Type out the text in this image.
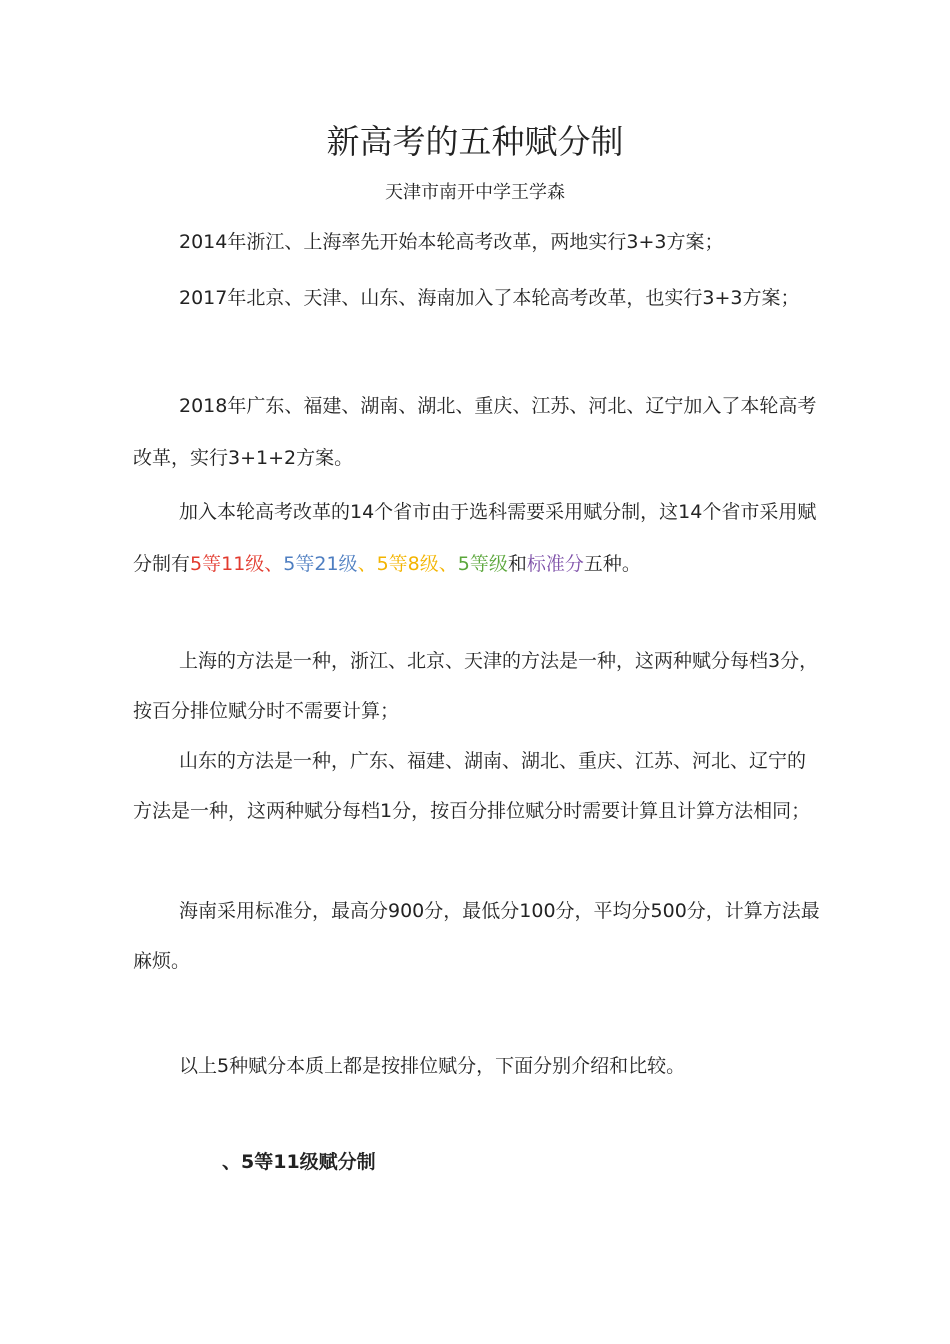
新高考的五种赋分制
天津市南开中学王学森

2014年浙江、上海率先开始本轮高考改革，两地实行3+3方案；

2017年北京、天津、山东、海南加入了本轮高考改革，也实行3+3方案；

2018年广东、福建、湖南、湖北、重庆、江苏、河北、辽宁加入了本轮高考改革，实行3+1+2方案。

加入本轮高考改革的14个省市由于选科需要采用赋分制，这14个省市采用赋分制有5等11级、5等21级、5等8级、5等级和标准分五种。

上海的方法是一种，浙江、北京、天津的方法是一种，这两种赋分每档3分，按百分排位赋分时不需要计算；

山东的方法是一种，广东、福建、湖南、湖北、重庆、江苏、河北、辽宁的方法是一种，这两种赋分每档1分，按百分排位赋分时需要计算且计算方法相同；

海南采用标准分，最高分900分，最低分100分，平均分500分，计算方法最麻烦。

以上5种赋分本质上都是按排位赋分，下面分别介绍和比较。

、5等11级赋分制
